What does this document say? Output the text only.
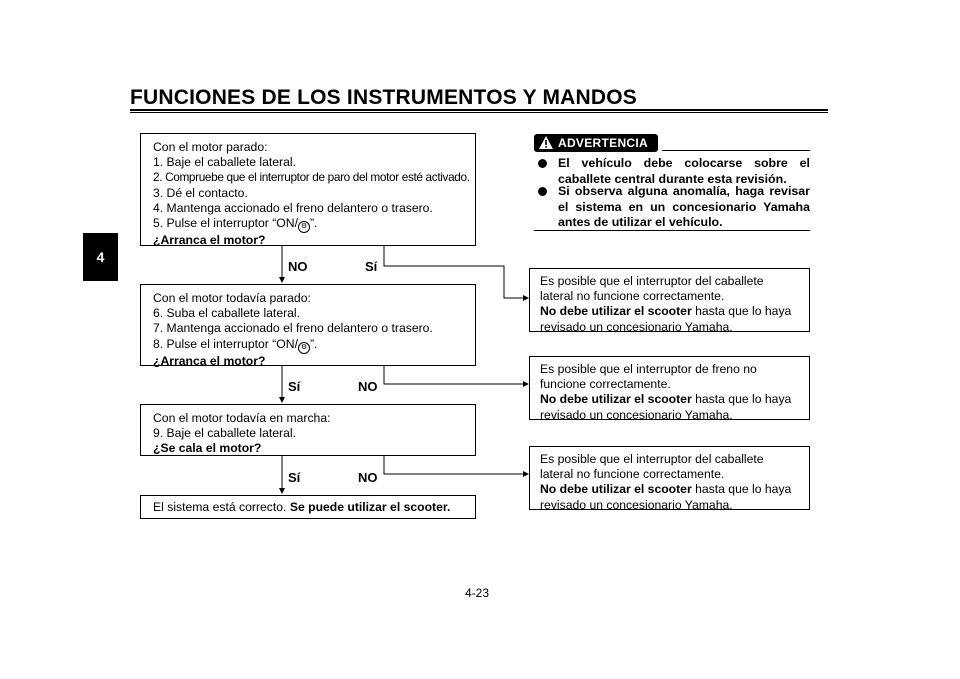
FUNCIONES DE LOS INSTRUMENTOS Y MANDOS
4
Con el motor parado:
1. Baje el caballete lateral.
2. Compruebe que el interruptor de paro del motor esté activado.
3. Dé el contacto.
4. Mantenga accionado el freno delantero o trasero.
5. Pulse el interruptor “ON/ ⚙ ”.
¿Arranca el motor?
NO	Sí
Con el motor todavía parado:
6. Suba el caballete lateral.
7. Mantenga accionado el freno delantero o trasero.
8. Pulse el interruptor “ON/ ⚙ ”.
¿Arranca el motor?
Sí	NO
Con el motor todavía en marcha:
9. Baje el caballete lateral.
¿Se cala el motor?
Sí	NO
El sistema está correcto. Se puede utilizar el scooter.
Es posible que el interruptor del caballete
lateral no funcione correctamente.
No debe utilizar el scooter hasta que lo haya
revisado un concesionario Yamaha.
Es posible que el interruptor de freno no
funcione correctamente.
No debe utilizar el scooter hasta que lo haya
revisado un concesionario Yamaha.
Es posible que el interruptor del caballete
lateral no funcione correctamente.
No debe utilizar el scooter hasta que lo haya
revisado un concesionario Yamaha.
ADVERTENCIA
El vehículo debe colocarse sobre el caballete central durante esta revisión.
Si observa alguna anomalía, haga revisar el sistema en un concesionario Yamaha antes de utilizar el vehículo.
4-23
